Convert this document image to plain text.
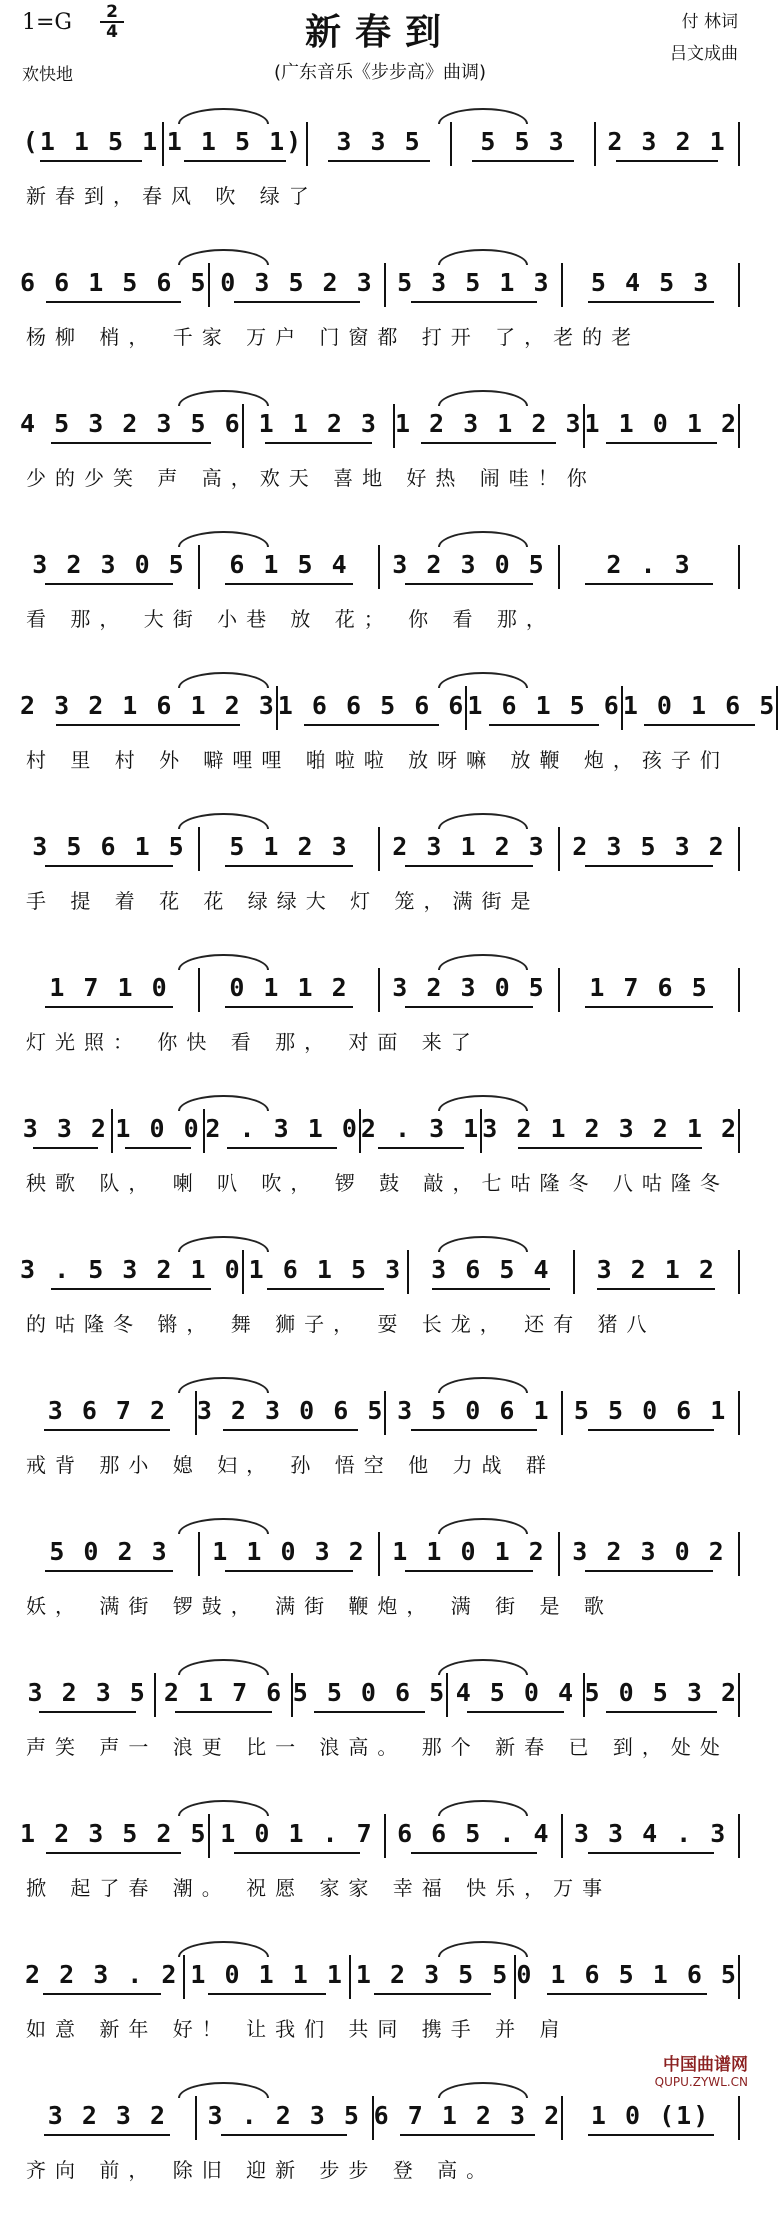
1=G	2
4	新春到	付 林词
吕文成曲
欢快地	(广东音乐《步步高》曲调)
(1 1 5 1 1 1 5 1)	3 3 5	5 5 3	2 3 2 1
新春到，春风 吹 绿了
6 6 1 5 6 5 0 3 5 2 3 5 3 5 1 3	5 4 5 3
杨柳 梢， 千家 万户 门窗都 打开 了，老的老
4 5 3 2 3 5 6 1 1 2 3 1 2 3 1 2 3 1 1 0 1 2
少的少笑 声 高，欢天 喜地 好热 闹哇！你
3 2 3 0 5	6 1 5 4	3 2 3 0 5	2 . 3
看 那， 大街 小巷 放 花； 你 看 那，
2 3 2 1 6 1 2 3 1 6 6 5 6 6 1 6 1 5 6 1 0 1 6 5
村 里 村 外 噼哩哩 啪啦啦 放呀嘛 放鞭 炮，孩子们
3 5 6 1 5	5 1 2 3	2 3 1 2 3	2 3 5 3 2
手 提 着 花 花 绿绿大 灯 笼，满街是
1 7 1 0	0 1 1 2	3 2 3 0 5	1 7 6 5
灯光照： 你快 看 那， 对面 来了
3 3 2 1 0 0 2 . 3 1 0 2 . 3 1 3 2 1 2 3 2 1 2
秧歌 队， 喇 叭 吹， 锣 鼓 敲，七咕隆冬 八咕隆冬
3 . 5 3 2 1 0 1 6 1 5 3	3 6 5 4	3 2 1 2
的咕隆冬 锵， 舞 狮子， 耍 长龙， 还有 猪八
3 6 7 2	3 2 3 0 6 5 3 5 0 6 1 5 5 0 6 1
戒背 那小 媳 妇， 孙 悟空 他 力战 群
5 0 2 3	1 1 0 3 2	1 1 0 1 2	3 2 3 0 2
妖， 满街 锣鼓， 满街 鞭炮， 满 街 是 歌
3 2 3 5 2 1 7 6 5 5 0 6 5 4 5 0 4 5 0 5 3 2
声笑 声一 浪更 比一 浪高。 那个 新春 已 到，处处
1 2 3 5 2 5 1 0 1 . 7 6 6 5 . 4 3 3 4 . 3
掀 起了春 潮。 祝愿 家家 幸福 快乐，万事
2 2 3 . 2 1 0 1 1 1 1 2 3 5 5 0 1 6 5 1 6 5
如意 新年 好！ 让我们 共同 携手 并 肩
3 2 3 2	3 . 2 3 5 6 7 1 2 3 2	1 0 (1)
齐向 前， 除旧 迎新 步步 登 高。
中国曲谱网
QUPU.ZYWL.CN
